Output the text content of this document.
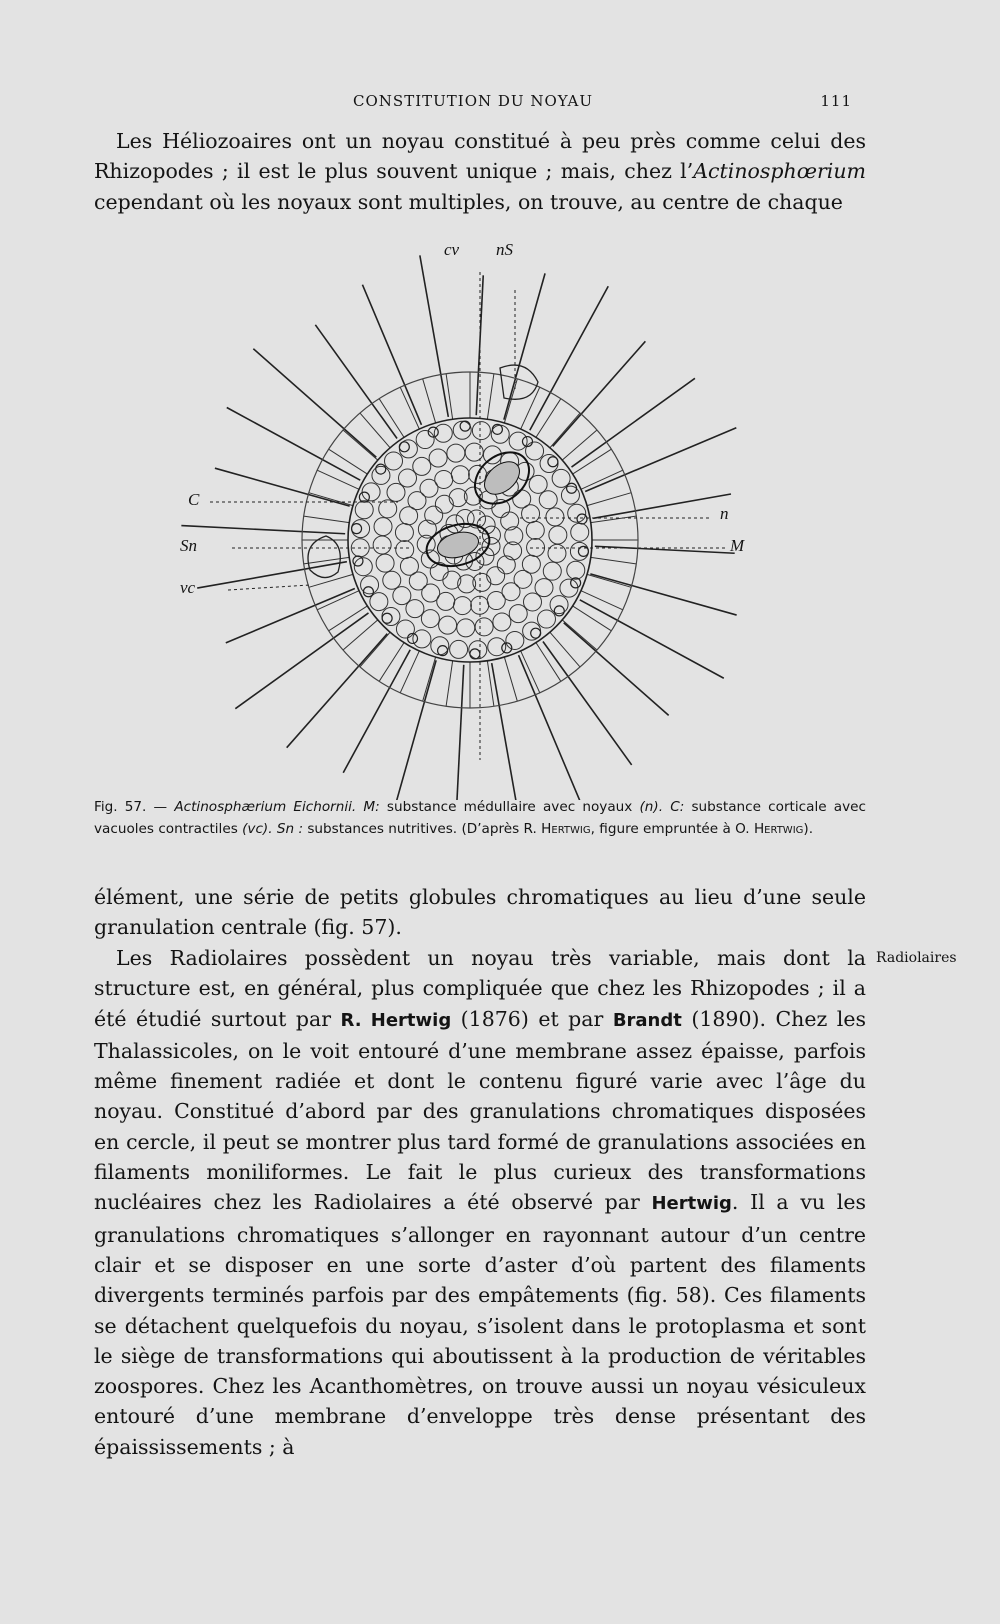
CONSTITUTION DU NOYAU	111

Les Héliozoaires ont un noyau constitué à peu près comme celui des Rhizopodes ; il est le plus souvent unique ; mais, chez l’Actinosphœrium cependant où les noyaux sont multiples, on trouve, au centre de chaque

cv nS
C
Sn
vc
n
M

Fig. 57. — Actinosphærium Eichornii. M: substance médullaire avec noyaux (n). C: substance corticale avec vacuoles contractiles (vc). Sn : substances nutritives. (D’après R. Hertwig, figure empruntée à O. Hertwig).

élément, une série de petits globules chromatiques au lieu d’une seule granulation centrale (fig. 57).

Les Radiolaires possèdent un noyau très variable, mais dont la structure est, en général, plus compliquée que chez les Rhizopodes ; il a été étudié surtout par R. Hertwig (1876) et par Brandt (1890). Chez les Thalassicoles, on le voit entouré d’une membrane assez épaisse, parfois même finement radiée et dont le contenu figuré varie avec l’âge du noyau. Constitué d’abord par des granulations chromatiques disposées en cercle, il peut se montrer plus tard formé de granulations associées en filaments moniliformes. Le fait le plus curieux des transformations nucléaires chez les Radiolaires a été observé par Hertwig. Il a vu les granulations chromatiques s’allonger en rayonnant autour d’un centre clair et se disposer en une sorte d’aster d’où partent des filaments divergents terminés parfois par des empâtements (fig. 58). Ces filaments se détachent quelquefois du noyau, s’isolent dans le protoplasma et sont le siège de transformations qui aboutissent à la production de véritables zoospores. Chez les Acanthomètres, on trouve aussi un noyau vésiculeux entouré d’une membrane d’enveloppe très dense présentant des épaississements ; à

Radiolaires
